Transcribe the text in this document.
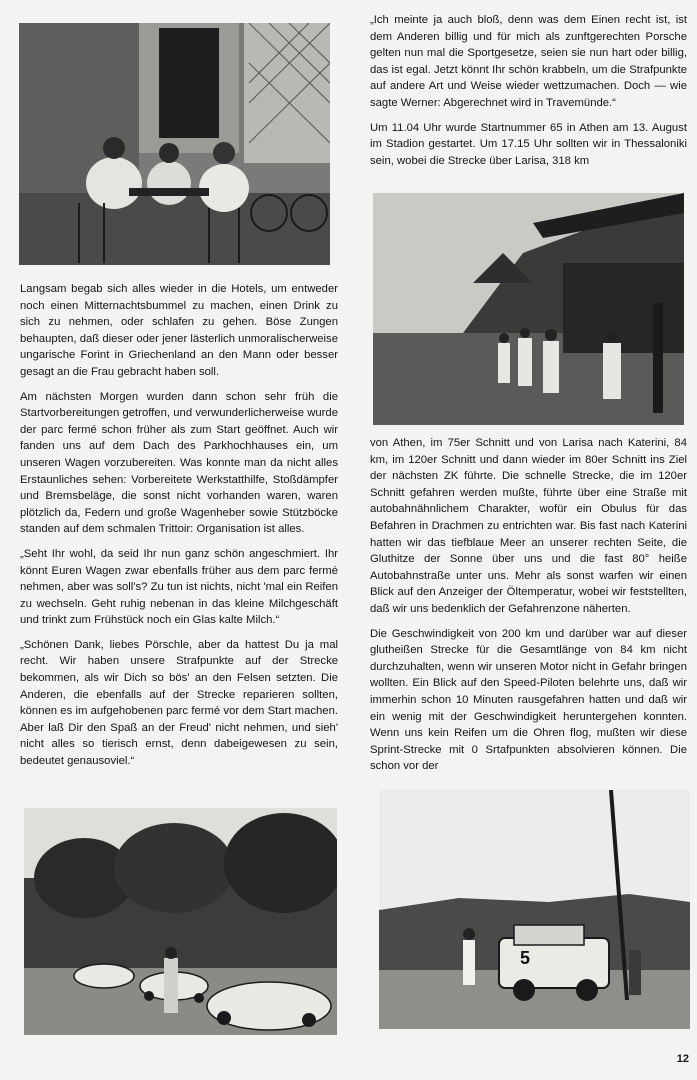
5

Langsam begab sich alles wieder in die Hotels, um entweder noch einen Mitternachtsbummel zu machen, einen Drink zu sich zu nehmen, oder schlafen zu gehen. Böse Zungen behaupten, daß dieser oder jener lästerlich unmoralischerweise ungarische Forint in Griechenland an den Mann oder besser gesagt an die Frau gebracht haben soll.

Am nächsten Morgen wurden dann schon sehr früh die Startvorbereitungen getroffen, und verwunderlicherweise wurde der parc fermé schon früher als zum Start geöffnet. Auch wir fanden uns auf dem Dach des Parkhochhauses ein, um unseren Wagen vorzubereiten. Was konnte man da nicht alles Erstaunliches sehen: Vorbereitete Werkstatthilfe, Stoßdämpfer und Bremsbeläge, die sonst nicht vorhanden waren, waren plötzlich da, Federn und große Wagenheber sowie Stützböcke standen auf dem schmalen Trittoir: Organisation ist alles.

„Seht Ihr wohl, da seid Ihr nun ganz schön angeschmiert. Ihr könnt Euren Wagen zwar ebenfalls früher aus dem parc fermé nehmen, aber was soll's? Zu tun ist nichts, nicht 'mal ein Reifen zu wechseln. Geht ruhig nebenan in das kleine Milchgeschäft und trinkt zum Frühstück noch ein Glas kalte Milch.“

„Schönen Dank, liebes Pörschle, aber da hattest Du ja mal recht. Wir haben unsere Strafpunkte auf der Strecke bekommen, als wir Dich so bös' an den Felsen setzten. Die Anderen, die ebenfalls auf der Strecke reparieren sollten, können es im aufgehobenen parc fermé vor dem Start machen. Aber laß Dir den Spaß an der Freud' nicht nehmen, und sieh' nicht alles so tierisch ernst, denn dabeigewesen zu sein, bedeutet genausoviel.“

„Ich meinte ja auch bloß, denn was dem Einen recht ist, ist dem Anderen billig und für mich als zunftgerechten Porsche gelten nun mal die Sportgesetze, seien sie nun hart oder billig, das ist egal. Jetzt könnt Ihr schön krabbeln, um die Strafpunkte auf andere Art und Weise wieder wettzumachen. Doch — wie sagte Werner: Abgerechnet wird in Travemünde.“

Um 11.04 Uhr wurde Startnummer 65 in Athen am 13. August im Stadion gestartet. Um 17.15 Uhr sollten wir in Thessaloniki sein, wobei die Strecke über Larisa, 318 km

von Athen, im 75er Schnitt und von Larisa nach Katerini, 84 km, im 120er Schnitt und dann wieder im 80er Schnitt ins Ziel der nächsten ZK führte. Die schnelle Strecke, die im 120er Schnitt gefahren werden mußte, führte über eine Straße mit autobahnähnlichem Charakter, wofür ein Obulus für das Befahren in Drachmen zu entrichten war. Bis fast nach Katerini hatten wir das tiefblaue Meer an unserer rechten Seite, die Gluthitze der Sonne über uns und die fast 80° heiße Autobahnstraße unter uns. Mehr als sonst warfen wir einen Blick auf den Anzeiger der Öltemperatur, wobei wir feststellten, daß wir uns bedenklich der Gefahrenzone näherten.

Die Geschwindigkeit von 200 km und darüber war auf dieser glutheißen Strecke für die Gesamtlänge von 84 km nicht durchzuhalten, wenn wir unseren Motor nicht in Gefahr bringen wollten. Ein Blick auf den Speed-Piloten belehrte uns, daß wir immerhin schon 10 Minuten rausgefahren hatten und daß wir ein wenig mit der Geschwindigkeit heruntergehen konnten. Wenn uns kein Reifen um die Ohren flog, mußten wir diese Sprint-Strecke mit 0 Srtafpunkten absolvieren können. Die schon vor der

12
